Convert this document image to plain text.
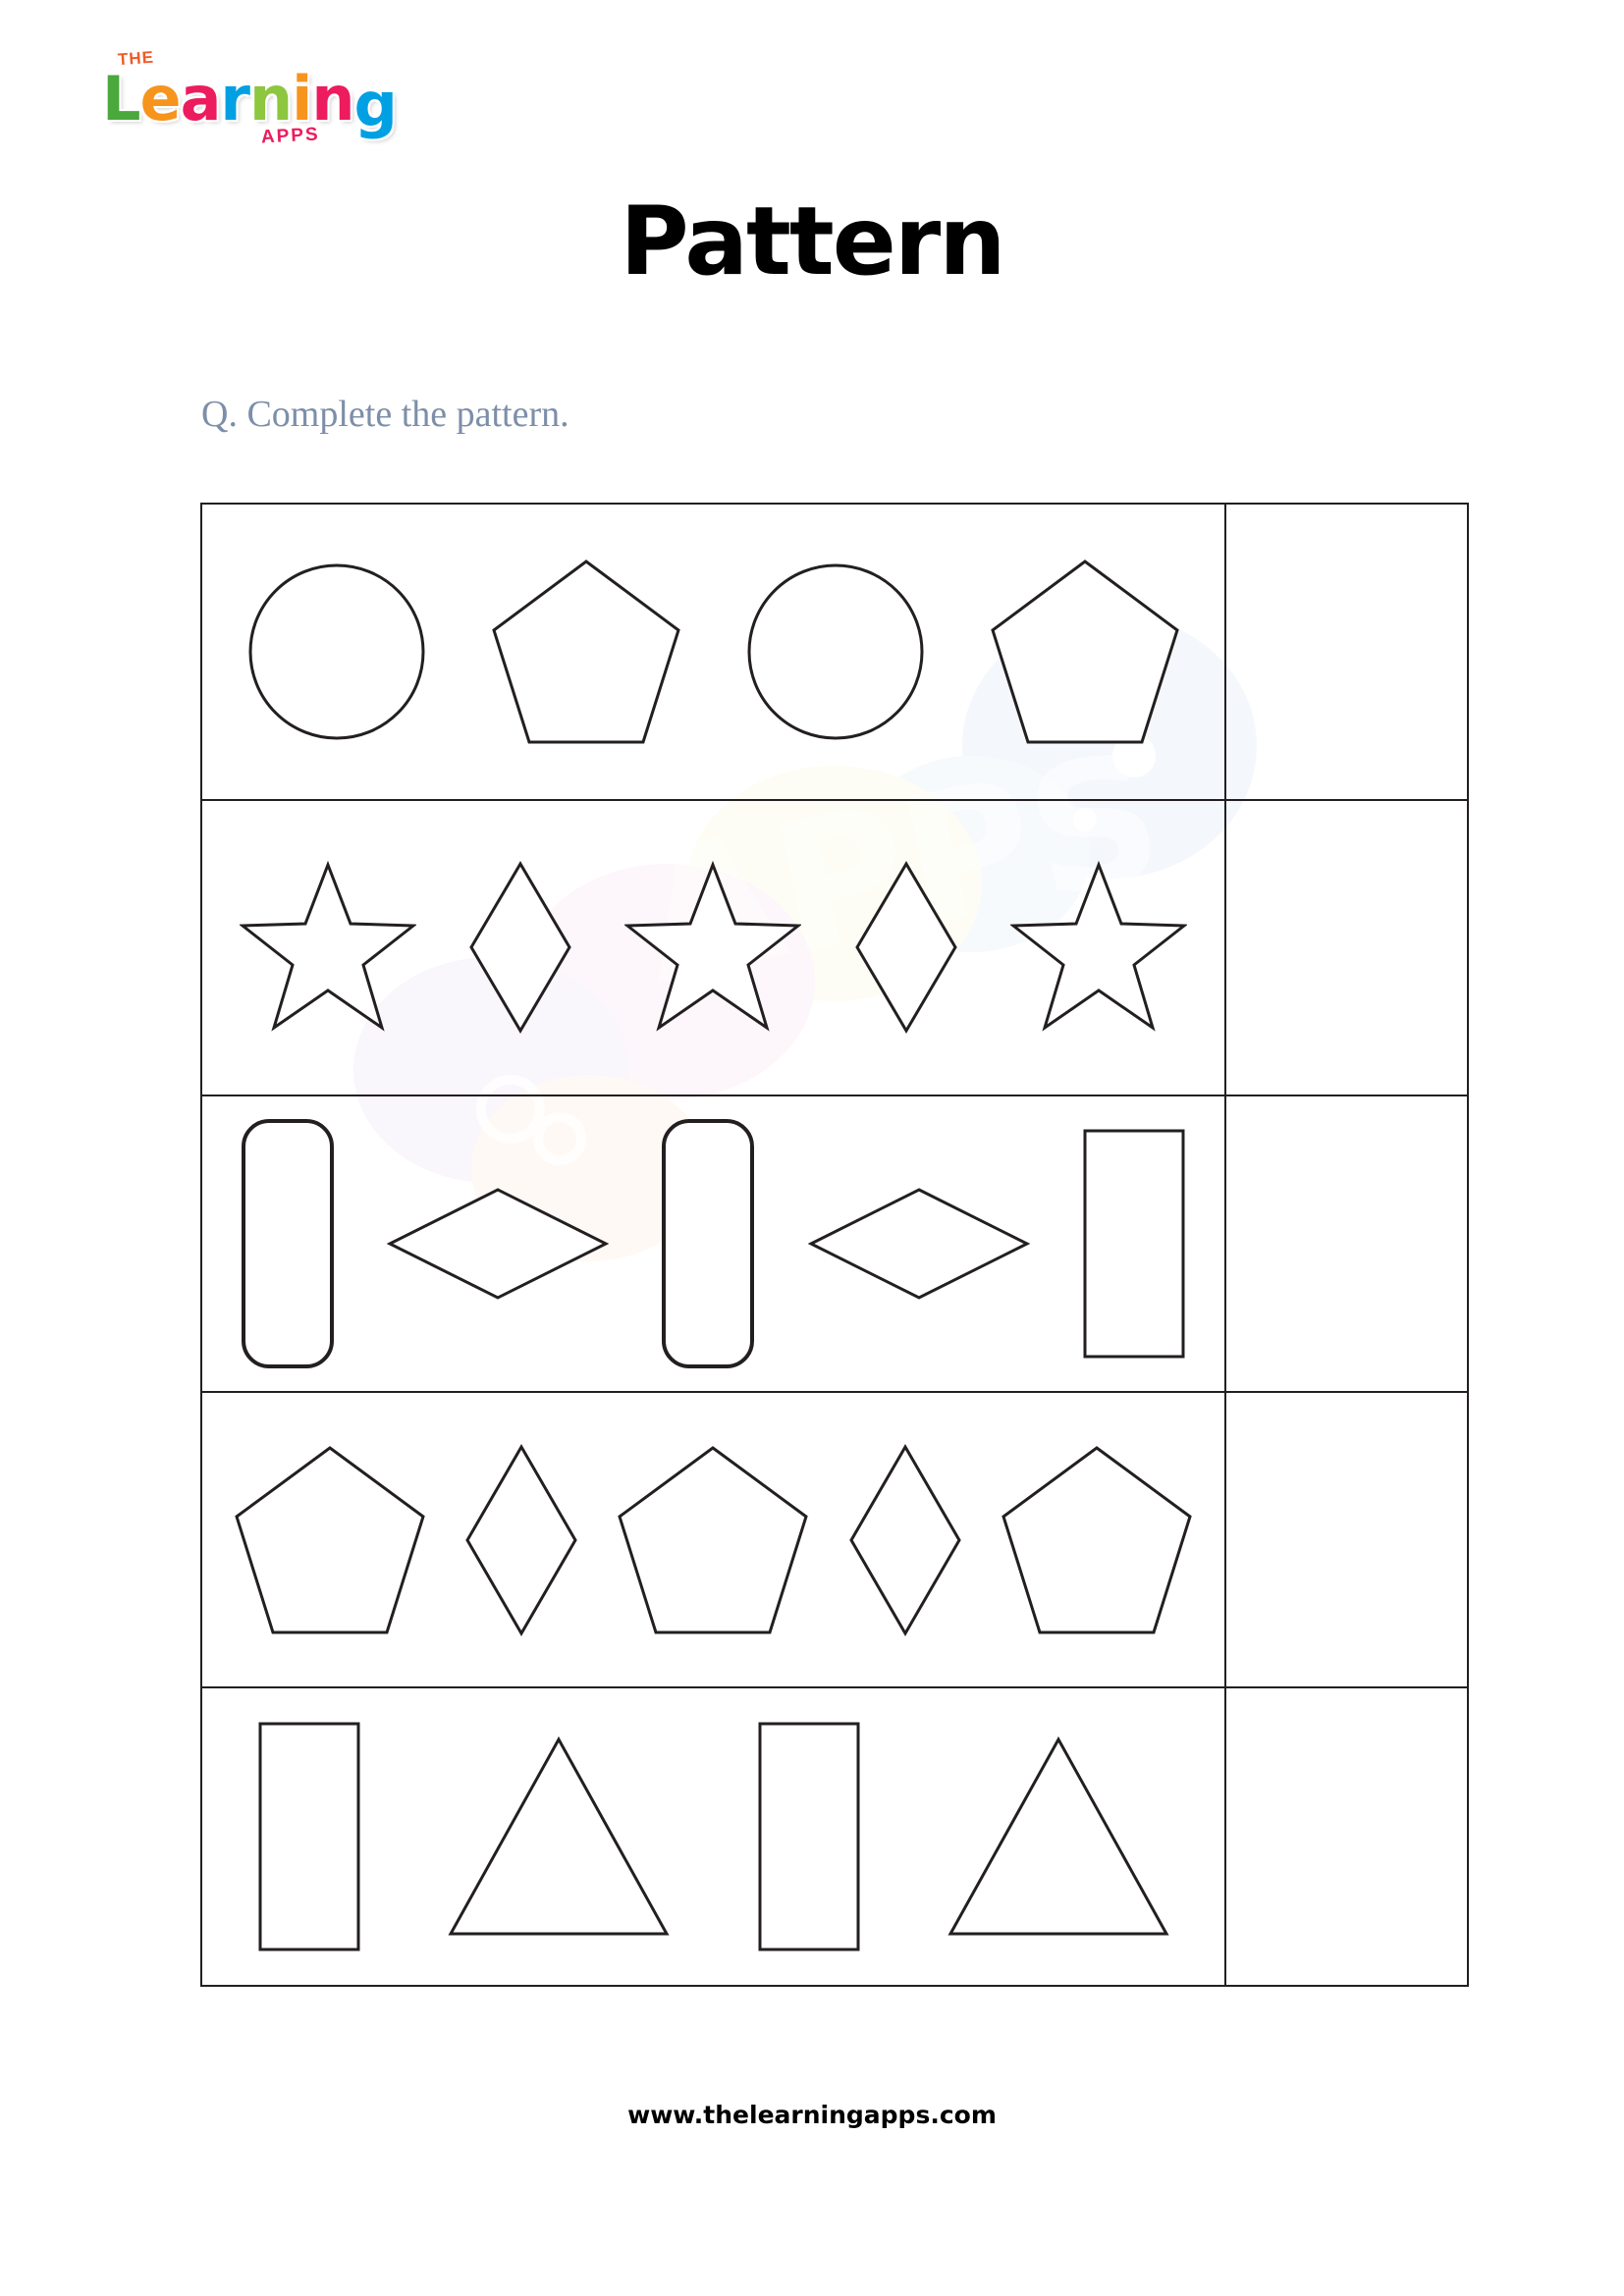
THE
Learning
APPS
Pattern
Q. Complete the pattern.
APPS
www.thelearningapps.com
